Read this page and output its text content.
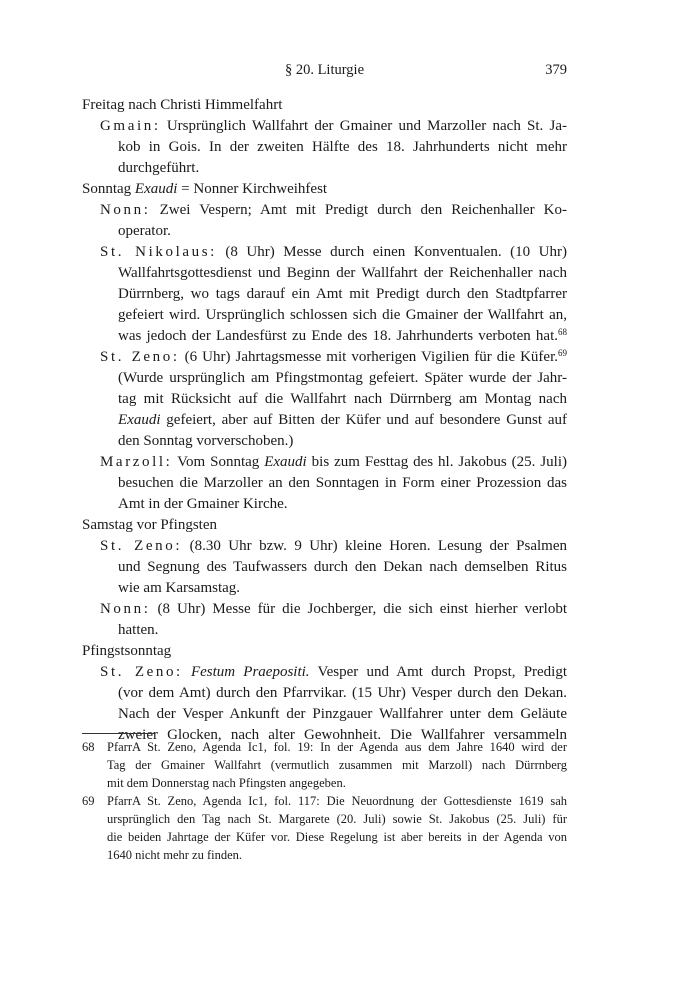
§ 20. Liturgie	379
Freitag nach Christi Himmelfahrt
Gmain: Ursprünglich Wallfahrt der Gmainer und Marzoller nach St. Ja-
kob in Gois. In der zweiten Hälfte des 18. Jahrhunderts nicht mehr
durchgeführt.
Sonntag Exaudi = Nonner Kirchweihfest
Nonn: Zwei Vespern; Amt mit Predigt durch den Reichenhaller Ko-
operator.
St. Nikolaus: (8 Uhr) Messe durch einen Konventualen. (10 Uhr)
Wallfahrtsgottesdienst und Beginn der Wallfahrt der Reichenhaller nach
Dürrnberg, wo tags darauf ein Amt mit Predigt durch den Stadtpfarrer
gefeiert wird. Ursprünglich schlossen sich die Gmainer der Wallfahrt an,
was jedoch der Landesfürst zu Ende des 18. Jahrhunderts verboten hat.$^{68}$
St. Zeno: (6 Uhr) Jahrtagsmesse mit vorherigen Vigilien für die Küfer.$^{69}$
(Wurde ursprünglich am Pfingstmontag gefeiert. Später wurde der Jahr-
tag mit Rücksicht auf die Wallfahrt nach Dürrnberg am Montag nach
Exaudi gefeiert, aber auf Bitten der Küfer und auf besondere Gunst auf
den Sonntag vorverschoben.)
Marzoll: Vom Sonntag Exaudi bis zum Festtag des hl. Jakobus (25. Juli)
besuchen die Marzoller an den Sonntagen in Form einer Prozession das
Amt in der Gmainer Kirche.
Samstag vor Pfingsten
St. Zeno: (8.30 Uhr bzw. 9 Uhr) kleine Horen. Lesung der Psalmen
und Segnung des Taufwassers durch den Dekan nach demselben Ritus
wie am Karsamstag.
Nonn: (8 Uhr) Messe für die Jochberger, die sich einst hierher verlobt
hatten.
Pfingstsonntag
St. Zeno: Festum Praepositi. Vesper und Amt durch Propst, Predigt
(vor dem Amt) durch den Pfarrvikar. (15 Uhr) Vesper durch den Dekan.
Nach der Vesper Ankunft der Pinzgauer Wallfahrer unter dem Geläute
zweier Glocken, nach alter Gewohnheit. Die Wallfahrer versammeln
68	PfarrA St. Zeno, Agenda Ic1, fol. 19: In der Agenda aus dem Jahre 1640 wird der
Tag der Gmainer Wallfahrt (vermutlich zusammen mit Marzoll) nach Dürrnberg
mit dem Donnerstag nach Pfingsten angegeben.
69	PfarrA St. Zeno, Agenda Ic1, fol. 117: Die Neuordnung der Gottesdienste 1619 sah
ursprünglich den Tag nach St. Margarete (20. Juli) sowie St. Jakobus (25. Juli) für
die beiden Jahrtage der Küfer vor. Diese Regelung ist aber bereits in der Agenda von
1640 nicht mehr zu finden.
